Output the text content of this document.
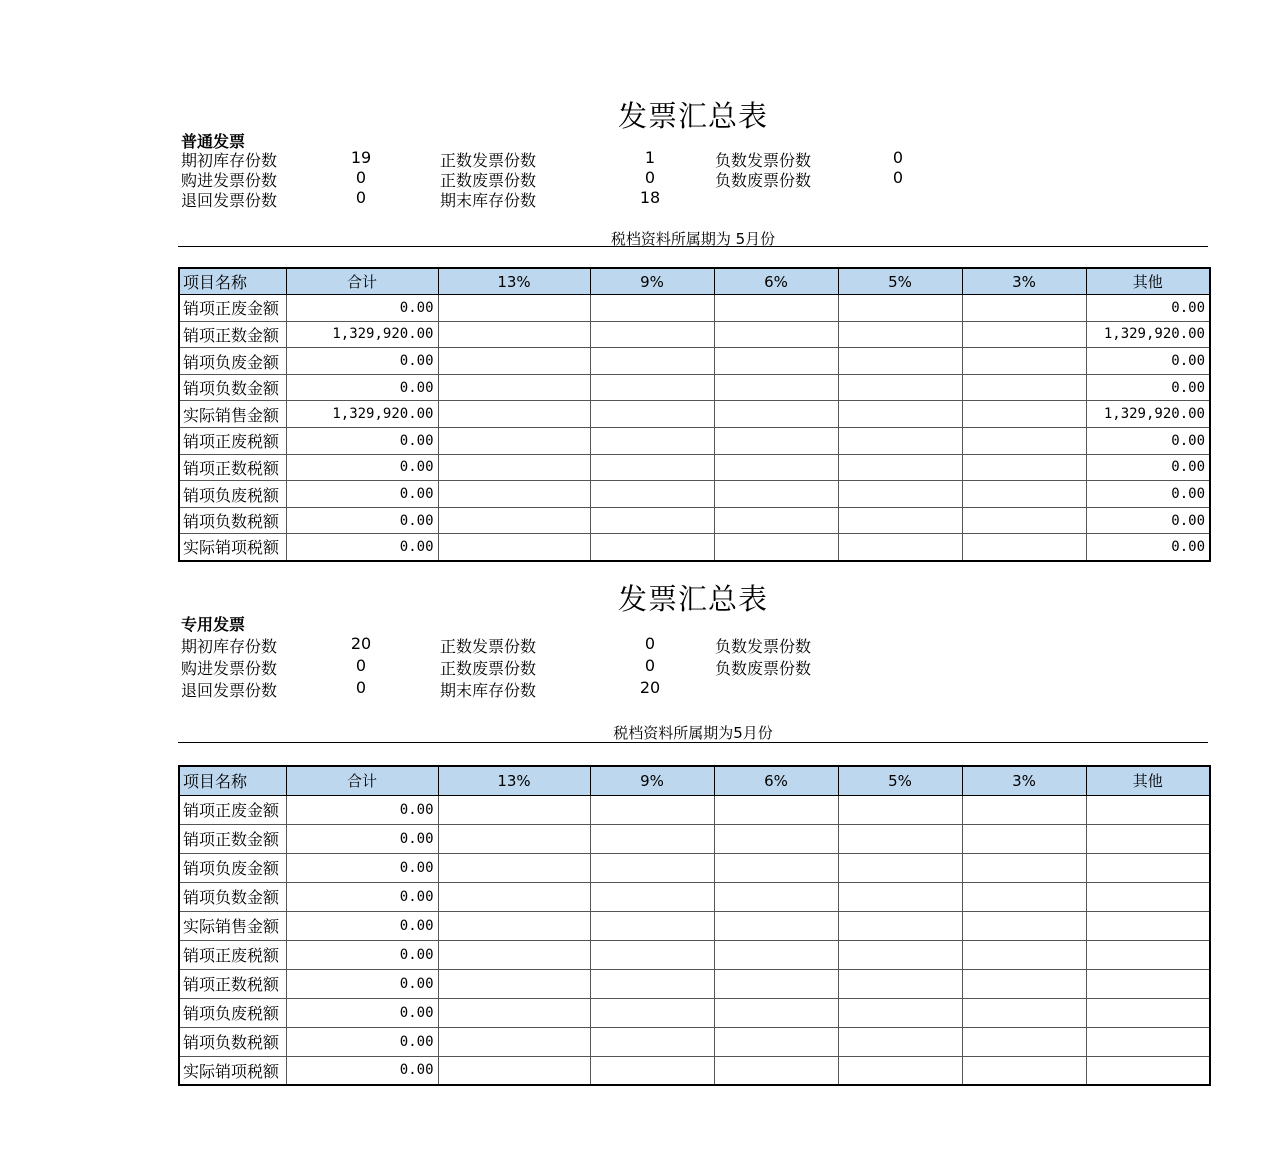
发票汇总表
普通发票
期初库存份数	19	正数发票份数	1	负数发票份数	0
购进发票份数	0	正数废票份数	0	负数废票份数	0
退回发票份数	0	期末库存份数	18
税档资料所属期为 5月份
项目名称	合计	13%	9%	6%	5%	3%	其他
销项正废金额	0.00						0.00
销项正数金额	1,329,920.00						1,329,920.00
销项负废金额	0.00						0.00
销项负数金额	0.00						0.00
实际销售金额	1,329,920.00						1,329,920.00
销项正废税额	0.00						0.00
销项正数税额	0.00						0.00
销项负废税额	0.00						0.00
销项负数税额	0.00						0.00
实际销项税额	0.00						0.00
发票汇总表
专用发票
期初库存份数	20	正数发票份数	0	负数发票份数
购进发票份数	0	正数废票份数	0	负数废票份数
退回发票份数	0	期末库存份数	20
税档资料所属期为5月份
项目名称	合计	13%	9%	6%	5%	3%	其他
销项正废金额	0.00						
销项正数金额	0.00						
销项负废金额	0.00						
销项负数金额	0.00						
实际销售金额	0.00						
销项正废税额	0.00						
销项正数税额	0.00						
销项负废税额	0.00						
销项负数税额	0.00						
实际销项税额	0.00						
